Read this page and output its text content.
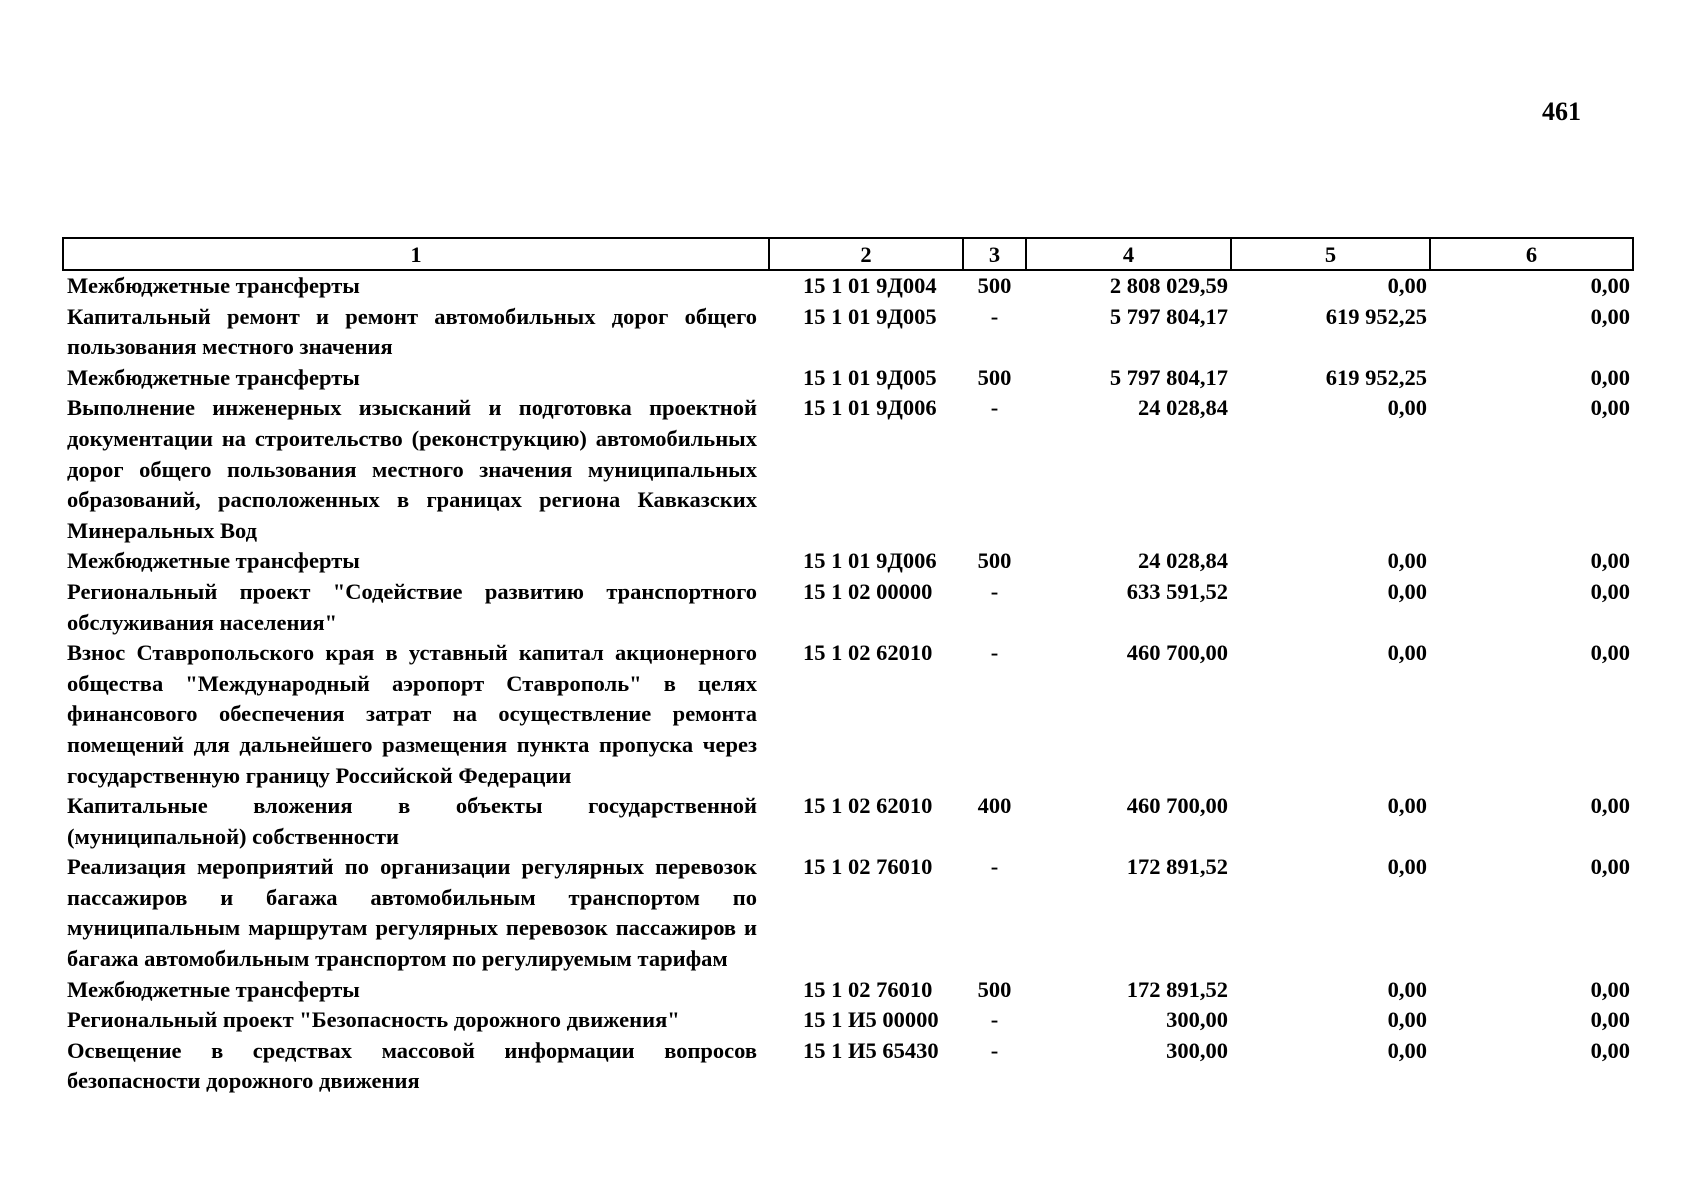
461
1	2	3	4	5	6
Межбюджетные трансферты	15 1 01 9Д004	500	2 808 029,59	0,00	0,00
Капитальный ремонт и ремонт автомобильных дорог общего пользования местного значения	15 1 01 9Д005	-	5 797 804,17	619 952,25	0,00
Межбюджетные трансферты	15 1 01 9Д005	500	5 797 804,17	619 952,25	0,00
Выполнение инженерных изысканий и подготовка проектной документации на строительство (реконструкцию) автомобильных дорог общего пользования местного значения муниципальных образований, расположенных в границах региона Кавказских Минеральных Вод	15 1 01 9Д006	-	24 028,84	0,00	0,00
Межбюджетные трансферты	15 1 01 9Д006	500	24 028,84	0,00	0,00
Региональный проект "Содействие развитию транспортного обслуживания населения"	15 1 02 00000	-	633 591,52	0,00	0,00
Взнос Ставропольского края в уставный капитал акционерного общества "Международный аэропорт Ставрополь" в целях финансового обеспечения затрат на осуществление ремонта помещений для дальнейшего размещения пункта пропуска через государственную границу Российской Федерации	15 1 02 62010	-	460 700,00	0,00	0,00
Капитальные вложения в объекты государственной (муниципальной) собственности	15 1 02 62010	400	460 700,00	0,00	0,00
Реализация мероприятий по организации регулярных перевозок пассажиров и багажа автомобильным транспортом по муниципальным маршрутам регулярных перевозок пассажиров и багажа автомобильным транспортом по регулируемым тарифам	15 1 02 76010	-	172 891,52	0,00	0,00
Межбюджетные трансферты	15 1 02 76010	500	172 891,52	0,00	0,00
Региональный проект "Безопасность дорожного движения"	15 1 И5 00000	-	300,00	0,00	0,00
Освещение в средствах массовой информации вопросов безопасности дорожного движения	15 1 И5 65430	-	300,00	0,00	0,00
